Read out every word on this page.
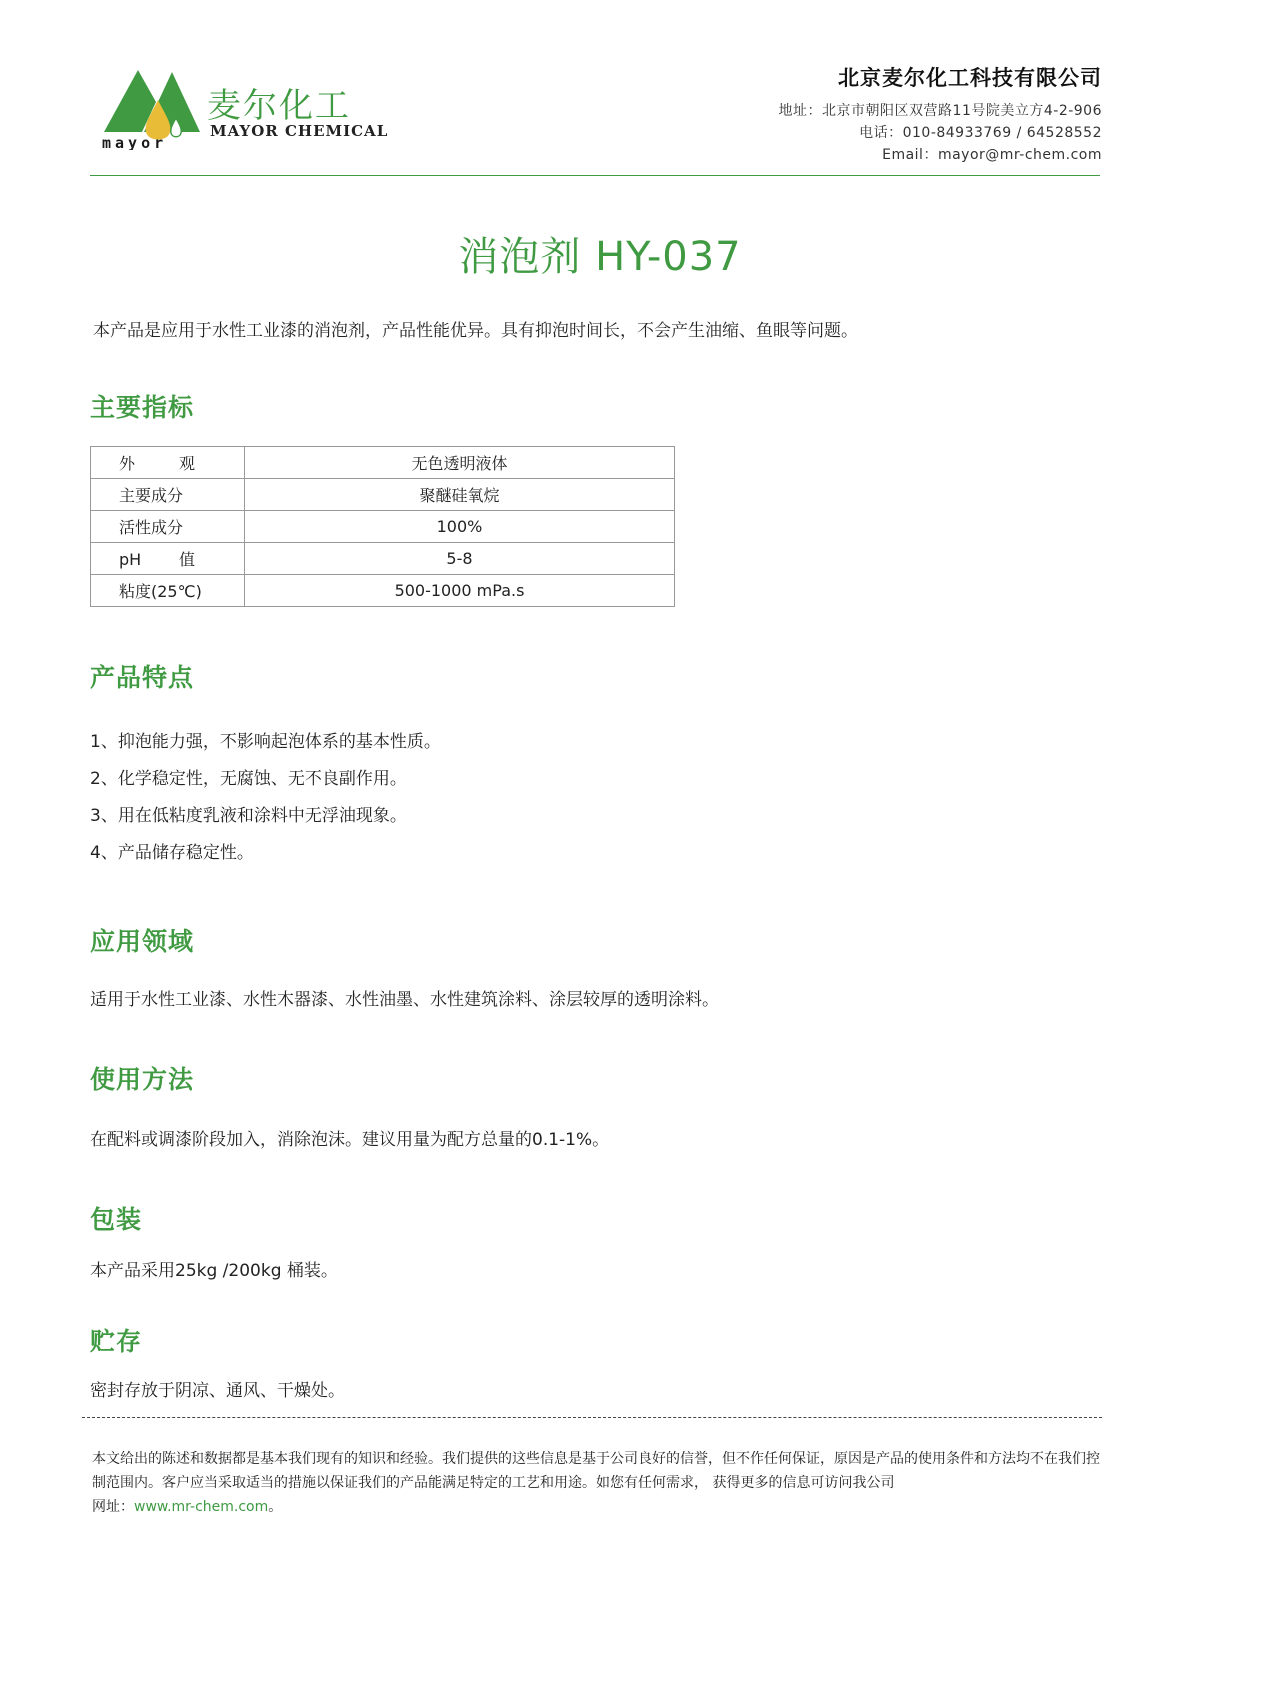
mayor
麦尔化工
MAYOR CHEMICAL
北京麦尔化工科技有限公司
地址：北京市朝阳区双营路11号院美立方4-2-906
电话：010-84933769 / 64528552
Email：mayor@mr-chem.com
消泡剂 HY-037
本产品是应用于水性工业漆的消泡剂，产品性能优异。具有抑泡时间长，不会产生油缩、鱼眼等问题。
主要指标
外 观	无色透明液体
主要成分	聚醚硅氧烷
活性成分	100%
pH 值	5-8
粘度(25℃)	500-1000 mPa.s
产品特点
1、抑泡能力强，不影响起泡体系的基本性质。
2、化学稳定性，无腐蚀、无不良副作用。
3、用在低粘度乳液和涂料中无浮油现象。
4、产品储存稳定性。
应用领域
适用于水性工业漆、水性木器漆、水性油墨、水性建筑涂料、涂层较厚的透明涂料。
使用方法
在配料或调漆阶段加入，消除泡沫。建议用量为配方总量的0.1-1%。
包装
本产品采用25kg /200kg 桶装。
贮存
密封存放于阴凉、通风、干燥处。
本文给出的陈述和数据都是基本我们现有的知识和经验。我们提供的这些信息是基于公司良好的信誉，但不作任何保证，原因是产品的使用条件和方法均不在我们控制范围内。客户应当采取适当的措施以保证我们的产品能满足特定的工艺和用途。如您有任何需求， 获得更多的信息可访问我公司
网址：www.mr-chem.com。
